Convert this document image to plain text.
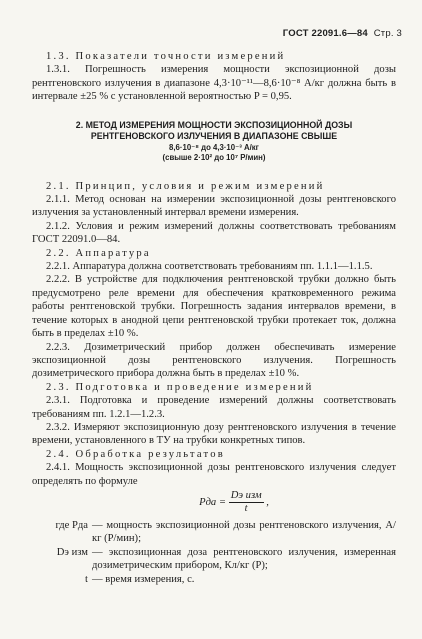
ГОСТ 22091.6—84 Стр. 3

1.3. Показатели точности измерений

1.3.1. Погрешность измерения мощности экспозиционной дозы рентгеновского излучения в диапазоне 4,3·10⁻¹¹—8,6·10⁻⁸ А/кг должна быть в интервале ±25 % с установленной вероятностью P = 0,95.

2. МЕТОД ИЗМЕРЕНИЯ МОЩНОСТИ ЭКСПОЗИЦИОННОЙ ДОЗЫ РЕНТГЕНОВСКОГО ИЗЛУЧЕНИЯ В ДИАПАЗОНЕ СВЫШЕ
8,6·10⁻⁸ до 4,3·10⁻³ А/кг
(свыше 2·10² до 10⁷ Р/мин)

2.1. Принцип, условия и режим измерений

2.1.1. Метод основан на измерении экспозиционной дозы рентгеновского излучения за установленный интервал времени измерения.

2.1.2. Условия и режим измерений должны соответствовать требованиям ГОСТ 22091.0—84.

2.2. Аппаратура

2.2.1. Аппаратура должна соответствовать требованиям пп. 1.1.1—1.1.5.

2.2.2. В устройстве для подключения рентгеновской трубки должно быть предусмотрено реле времени для обеспечения кратковременного режима работы рентгеновской трубки. Погрешность задания интервалов времени, в течение которых в анодной цепи рентгеновской трубки протекает ток, должна быть в пределах ±10 %.

2.2.3. Дозиметрический прибор должен обеспечивать измерение экспозиционной дозы рентгеновского излучения. Погрешность дозиметрического прибора должна быть в пределах ±10 %.

2.3. Подготовка и проведение измерений

2.3.1. Подготовка и проведение измерений должны соответствовать требованиям пп. 1.2.1—1.2.3.

2.3.2. Измеряют экспозиционную дозу рентгеновского излучения в течение времени, установленного в ТУ на трубки конкретных типов.

2.4. Обработка результатов

2.4.1. Мощность экспозиционной дозы рентгеновского излучения следует определять по формуле

Pда = $\frac{\text{Dэ изм}}{t}$ ,
где Pда — мощность экспозиционной дозы рентгеновского излучения, А/кг (Р/мин);
Dэ изм — экспозиционная доза рентгеновского излучения, измеренная дозиметрическим прибором, Кл/кг (Р);
t — время измерения, с.
